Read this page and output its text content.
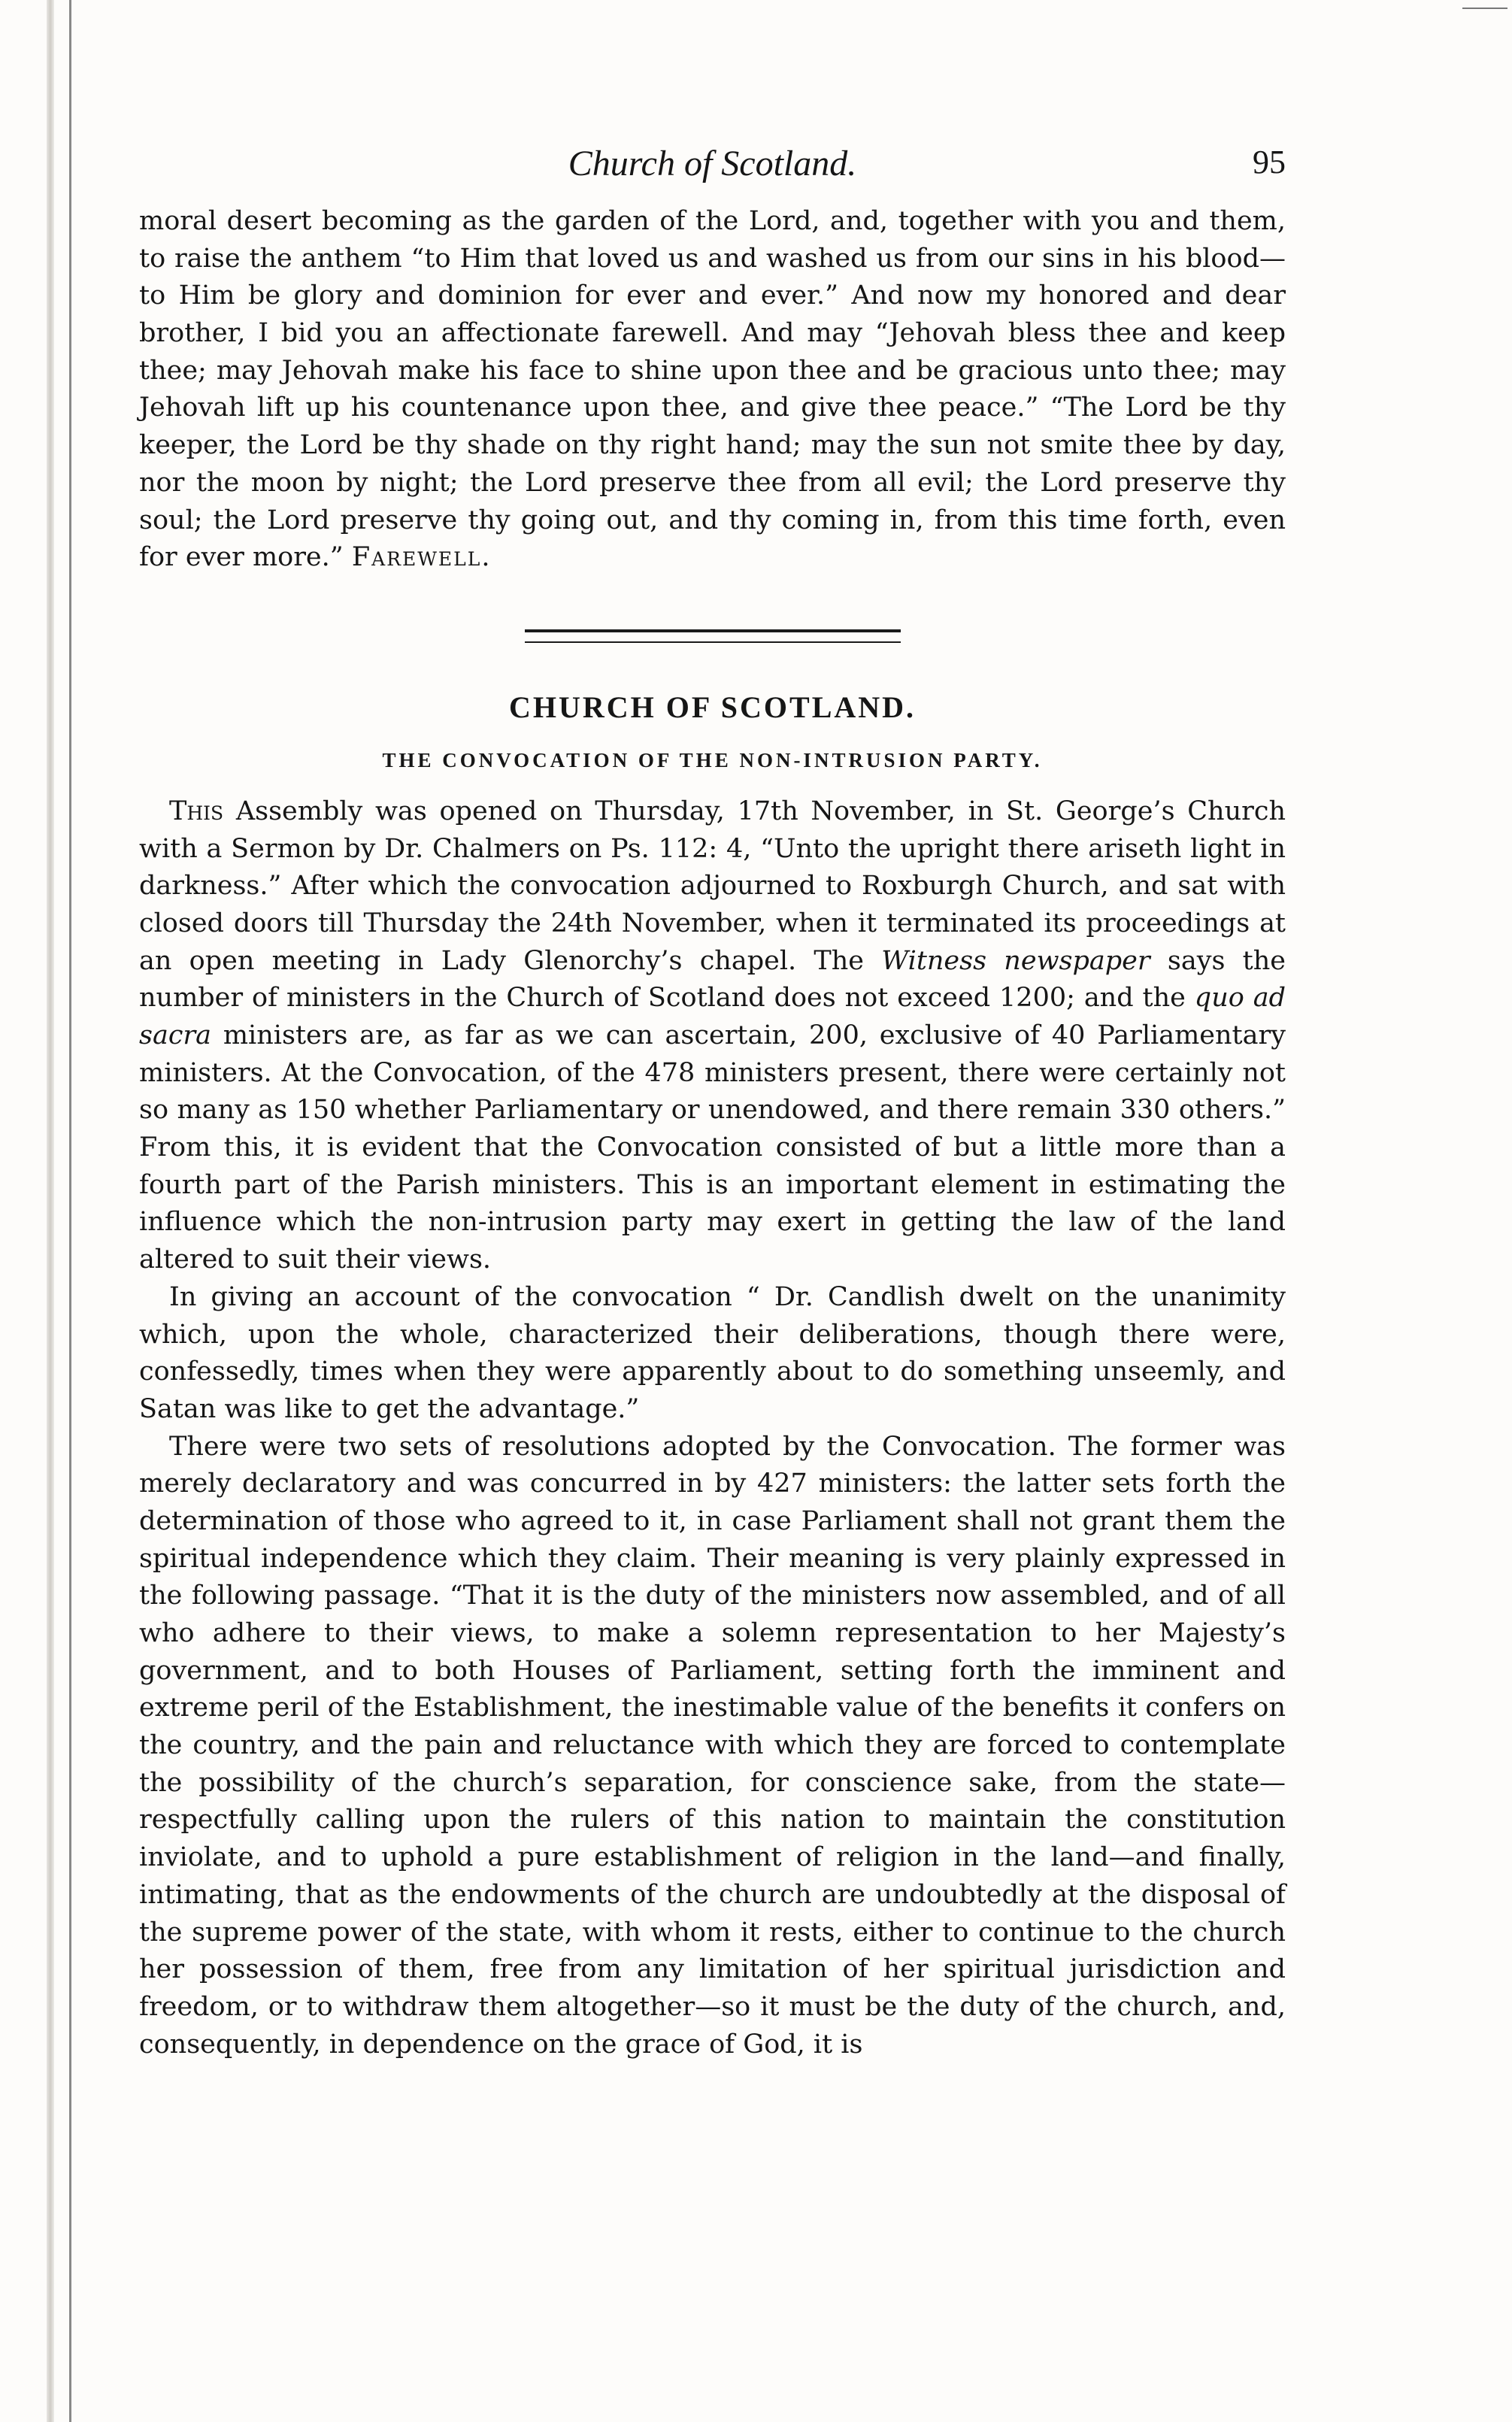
Church of Scotland.	95

moral desert becoming as the garden of the Lord, and, together with you and them, to raise the anthem “to Him that loved us and washed us from our sins in his blood—to Him be glory and dominion for ever and ever.” And now my honored and dear brother, I bid you an affectionate farewell. And may “Jehovah bless thee and keep thee; may Jehovah make his face to shine upon thee and be gracious unto thee; may Jehovah lift up his countenance upon thee, and give thee peace.” “The Lord be thy keeper, the Lord be thy shade on thy right hand; may the sun not smite thee by day, nor the moon by night; the Lord preserve thee from all evil; the Lord preserve thy soul; the Lord preserve thy going out, and thy coming in, from this time forth, even for ever more.” Farewell.

CHURCH OF SCOTLAND.
THE CONVOCATION OF THE NON-INTRUSION PARTY.

This Assembly was opened on Thursday, 17th November, in St. George’s Church with a Sermon by Dr. Chalmers on Ps. 112: 4, “Unto the upright there ariseth light in darkness.” After which the convocation adjourned to Roxburgh Church, and sat with closed doors till Thursday the 24th November, when it terminated its proceedings at an open meeting in Lady Glenorchy’s chapel. The Witness newspaper says the number of ministers in the Church of Scotland does not exceed 1200; and the quo ad sacra ministers are, as far as we can ascertain, 200, exclusive of 40 Parliamentary ministers. At the Convocation, of the 478 ministers present, there were certainly not so many as 150 whether Parliamentary or unendowed, and there remain 330 others.” From this, it is evident that the Convocation consisted of but a little more than a fourth part of the Parish ministers. This is an important element in estimating the influence which the non-intrusion party may exert in getting the law of the land altered to suit their views.

In giving an account of the convocation “ Dr. Candlish dwelt on the unanimity which, upon the whole, characterized their deliberations, though there were, confessedly, times when they were apparently about to do something unseemly, and Satan was like to get the advantage.”

There were two sets of resolutions adopted by the Convocation. The former was merely declaratory and was concurred in by 427 ministers: the latter sets forth the determination of those who agreed to it, in case Parliament shall not grant them the spiritual independence which they claim. Their meaning is very plainly expressed in the following passage. “That it is the duty of the ministers now assembled, and of all who adhere to their views, to make a solemn representation to her Majesty’s government, and to both Houses of Parliament, setting forth the imminent and extreme peril of the Establishment, the inestimable value of the benefits it confers on the country, and the pain and reluctance with which they are forced to contemplate the possibility of the church’s separation, for conscience sake, from the state—respectfully calling upon the rulers of this nation to maintain the constitution inviolate, and to uphold a pure establishment of religion in the land—and finally, intimating, that as the endowments of the church are undoubtedly at the disposal of the supreme power of the state, with whom it rests, either to continue to the church her possession of them, free from any limitation of her spiritual jurisdiction and freedom, or to withdraw them altogether—so it must be the duty of the church, and, consequently, in dependence on the grace of God, it is
